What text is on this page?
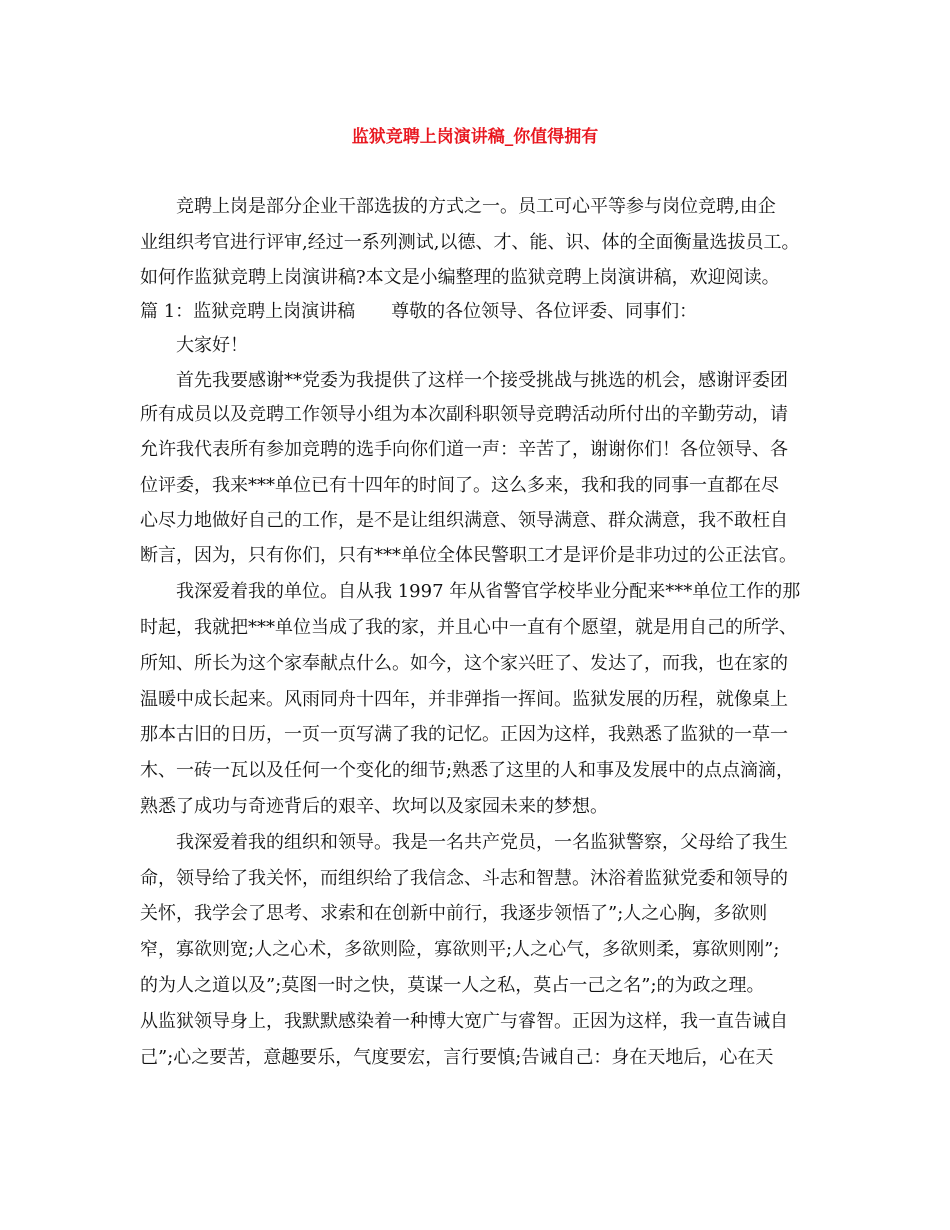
监狱竞聘上岗演讲稿_你值得拥有
竞聘上岗是部分企业干部选拔的方式之一。员工可心平等参与岗位竞聘,由企
业组织考官进行评审,经过一系列测试,以德、才、能、识、体的全面衡量选拔员工。
如何作监狱竞聘上岗演讲稿?本文是小编整理的监狱竞聘上岗演讲稿，欢迎阅读。
篇 1：监狱竞聘上岗演讲稿　　尊敬的各位领导、各位评委、同事们：
大家好！
首先我要感谢**党委为我提供了这样一个接受挑战与挑选的机会，感谢评委团
所有成员以及竞聘工作领导小组为本次副科职领导竞聘活动所付出的辛勤劳动，请
允许我代表所有参加竞聘的选手向你们道一声：辛苦了，谢谢你们！各位领导、各
位评委，我来***单位已有十四年的时间了。这么多来，我和我的同事一直都在尽
心尽力地做好自己的工作，是不是让组织满意、领导满意、群众满意，我不敢枉自
断言，因为，只有你们，只有***单位全体民警职工才是评价是非功过的公正法官。
我深爱着我的单位。自从我 1997 年从省警官学校毕业分配来***单位工作的那
时起，我就把***单位当成了我的家，并且心中一直有个愿望，就是用自己的所学、
所知、所长为这个家奉献点什么。如今，这个家兴旺了、发达了，而我，也在家的
温暖中成长起来。风雨同舟十四年，并非弹指一挥间。监狱发展的历程，就像桌上
那本古旧的日历，一页一页写满了我的记忆。正因为这样，我熟悉了监狱的一草一
木、一砖一瓦以及任何一个变化的细节;熟悉了这里的人和事及发展中的点点滴滴，
熟悉了成功与奇迹背后的艰辛、坎坷以及家园未来的梦想。
我深爱着我的组织和领导。我是一名共产党员，一名监狱警察，父母给了我生
命，领导给了我关怀，而组织给了我信念、斗志和智慧。沐浴着监狱党委和领导的
关怀，我学会了思考、求索和在创新中前行，我逐步领悟了”;人之心胸，多欲则
窄，寡欲则宽;人之心术，多欲则险，寡欲则平;人之心气，多欲则柔，寡欲则刚”;
的为人之道以及”;莫图一时之快，莫谋一人之私，莫占一己之名”;的为政之理。
从监狱领导身上，我默默感染着一种博大宽广与睿智。正因为这样，我一直告诫自
己”;心之要苦，意趣要乐，气度要宏，言行要慎;告诫自己：身在天地后，心在天
